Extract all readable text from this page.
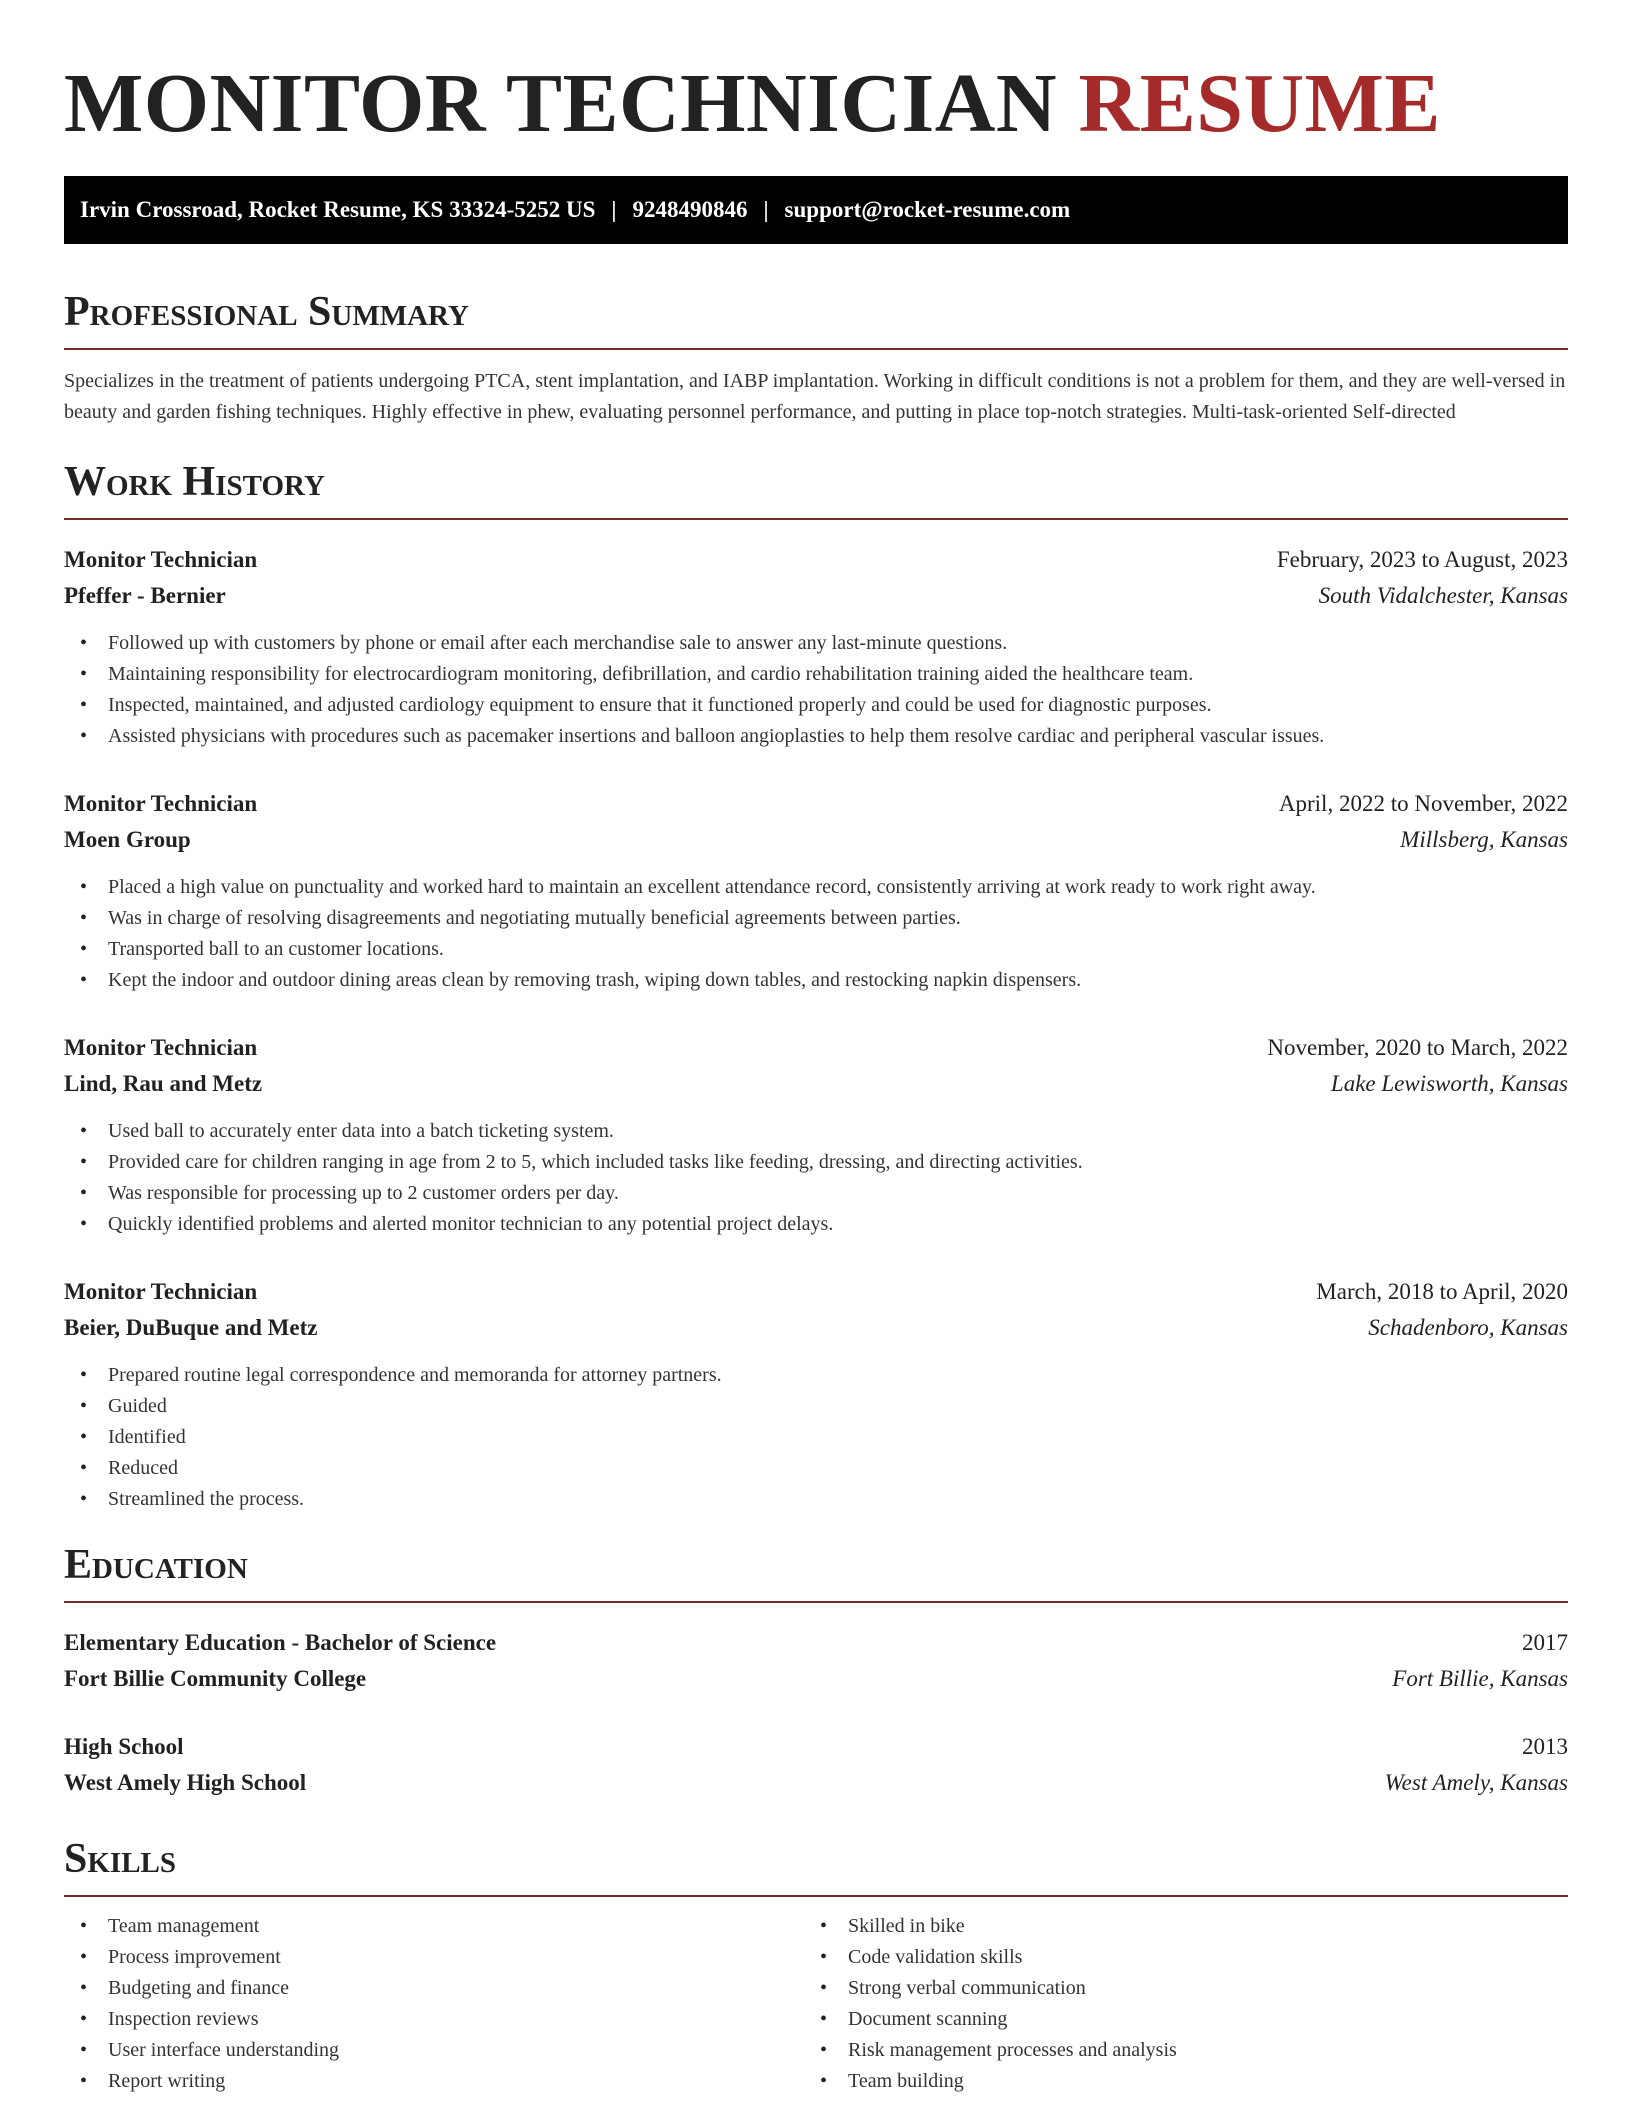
MONITOR TECHNICIAN RESUME
Irvin Crossroad, Rocket Resume, KS 33324-5252 US | 9248490846 | support@rocket-resume.com
Professional Summary

Specializes in the treatment of patients undergoing PTCA, stent implantation, and IABP implantation. Working in difficult conditions is not a problem for them, and they are well-versed in beauty and garden fishing techniques. Highly effective in phew, evaluating personnel performance, and putting in place top-notch strategies. Multi-task-oriented Self-directed

Work History
Monitor Technician	February, 2023 to August, 2023
Pfeffer - Bernier	South Vidalchester, Kansas
• Followed up with customers by phone or email after each merchandise sale to answer any last-minute questions.
• Maintaining responsibility for electrocardiogram monitoring, defibrillation, and cardio rehabilitation training aided the healthcare team.
• Inspected, maintained, and adjusted cardiology equipment to ensure that it functioned properly and could be used for diagnostic purposes.
• Assisted physicians with procedures such as pacemaker insertions and balloon angioplasties to help them resolve cardiac and peripheral vascular issues.
Monitor Technician	April, 2022 to November, 2022
Moen Group	Millsberg, Kansas
• Placed a high value on punctuality and worked hard to maintain an excellent attendance record, consistently arriving at work ready to work right away.
• Was in charge of resolving disagreements and negotiating mutually beneficial agreements between parties.
• Transported ball to an customer locations.
• Kept the indoor and outdoor dining areas clean by removing trash, wiping down tables, and restocking napkin dispensers.
Monitor Technician	November, 2020 to March, 2022
Lind, Rau and Metz	Lake Lewisworth, Kansas
• Used ball to accurately enter data into a batch ticketing system.
• Provided care for children ranging in age from 2 to 5, which included tasks like feeding, dressing, and directing activities.
• Was responsible for processing up to 2 customer orders per day.
• Quickly identified problems and alerted monitor technician to any potential project delays.
Monitor Technician	March, 2018 to April, 2020
Beier, DuBuque and Metz	Schadenboro, Kansas
• Prepared routine legal correspondence and memoranda for attorney partners.
• Guided
• Identified
• Reduced
• Streamlined the process.
Education
Elementary Education - Bachelor of Science	2017
Fort Billie Community College	Fort Billie, Kansas
High School	2013
West Amely High School	West Amely, Kansas
Skills
• Team management
• Process improvement
• Budgeting and finance
• Inspection reviews
• User interface understanding
• Report writing
• Skilled in bike
• Code validation skills
• Strong verbal communication
• Document scanning
• Risk management processes and analysis
• Team building
